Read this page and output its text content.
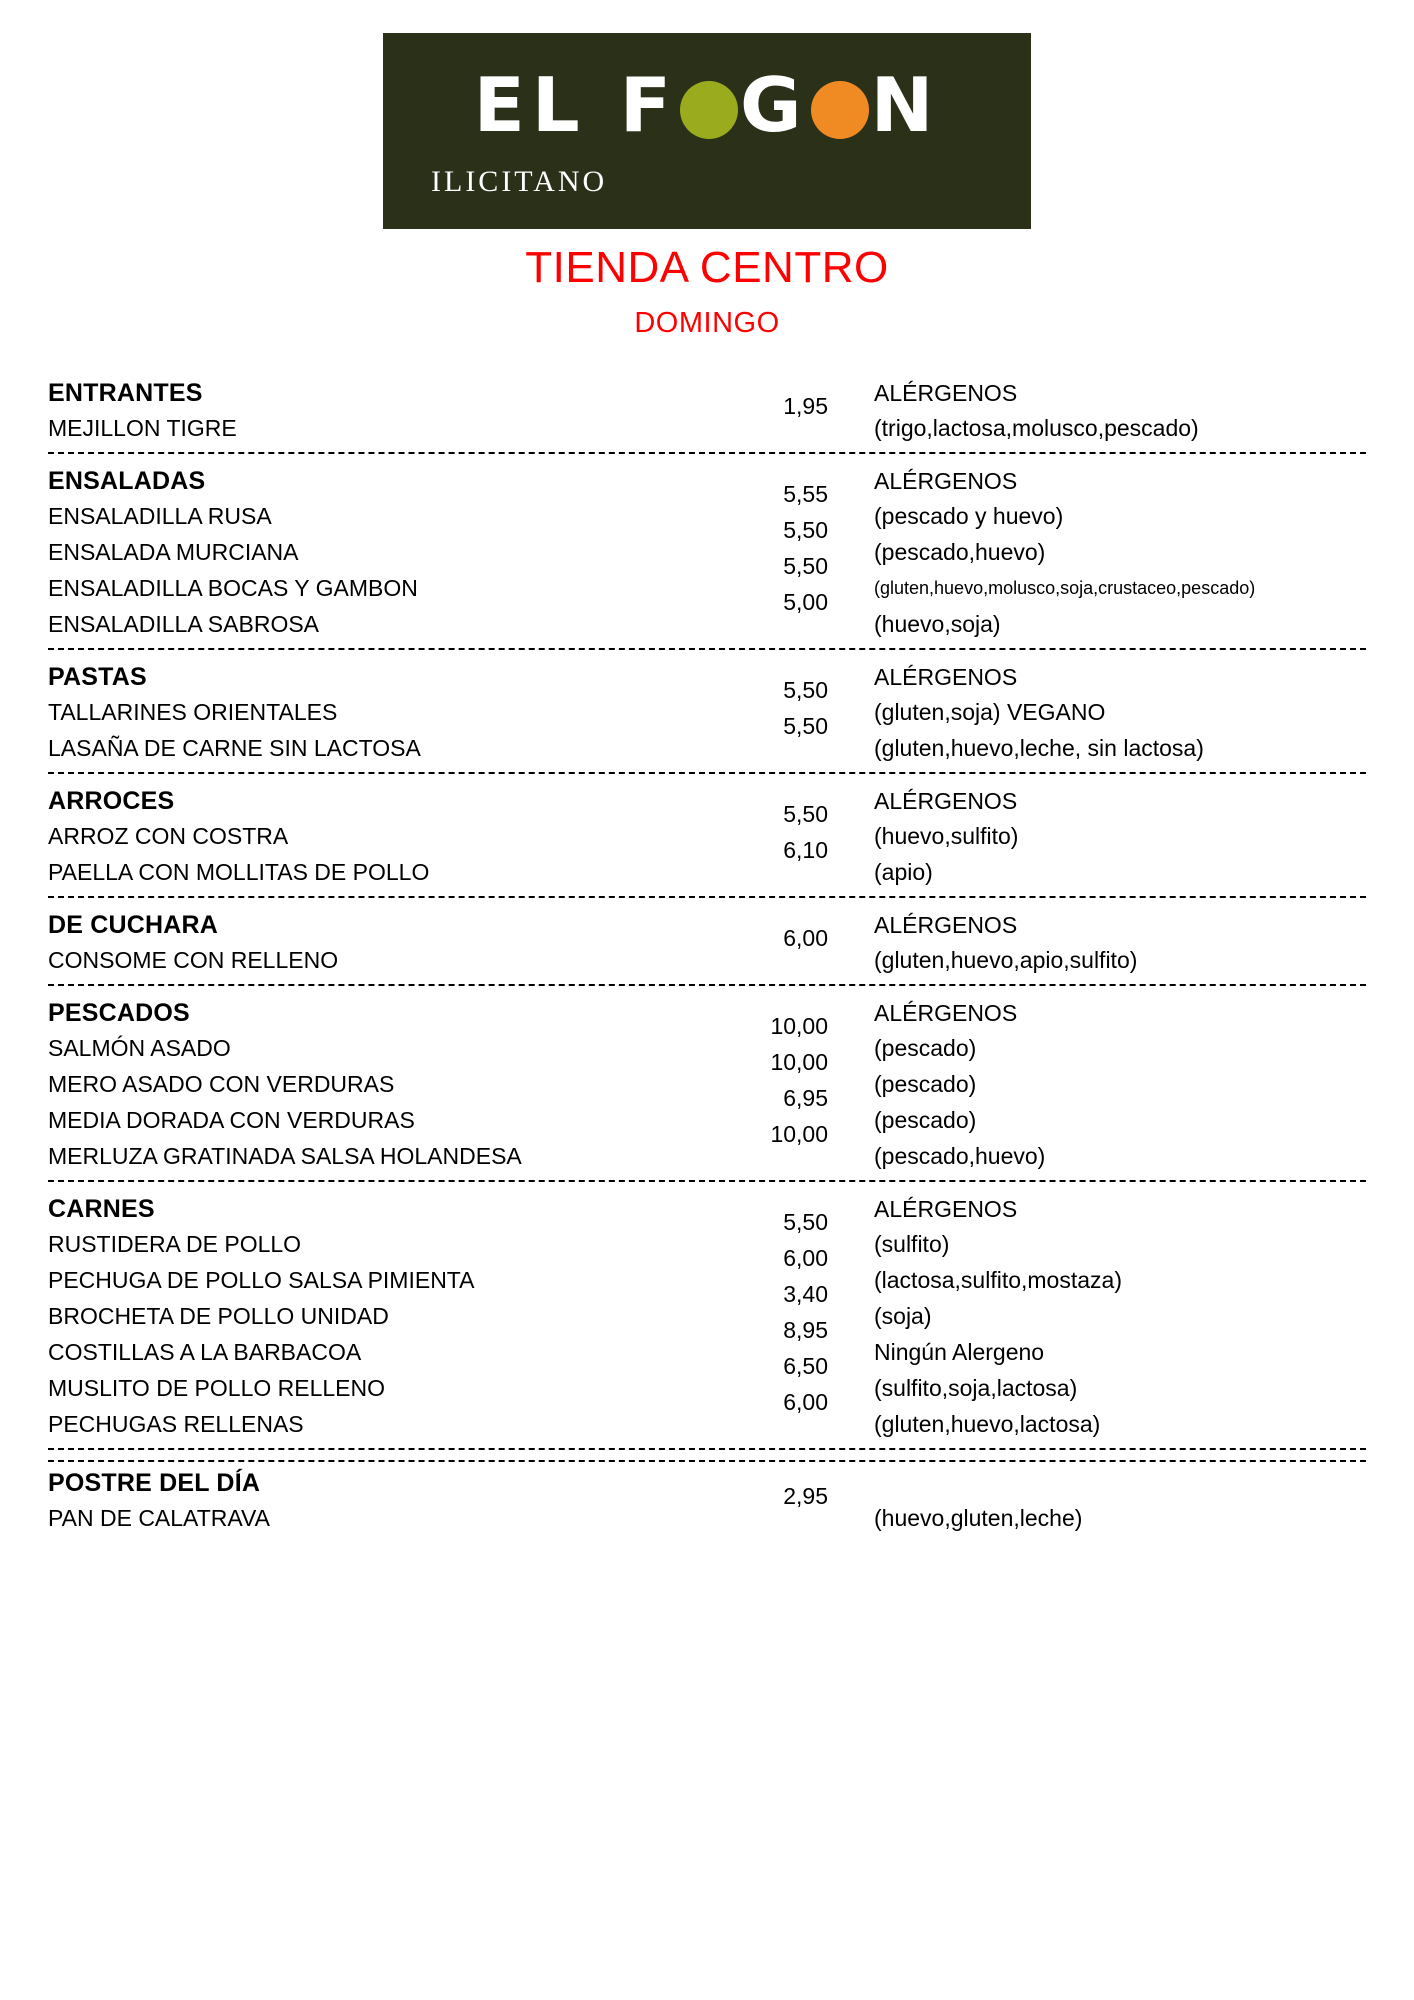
EL F G N
ILICITANO
TIENDA CENTRO
DOMINGO
ENTRANTES
MEJILLON TIGRE
1,95 ALÉRGENOS
(trigo,lactosa,molusco,pescado)
ENSALADAS
ENSALADILLA RUSA
ENSALADA MURCIANA
ENSALADILLA BOCAS Y GAMBON
ENSALADILLA SABROSA
5,55
5,50
5,50
5,00
ALÉRGENOS
(pescado y huevo)
(pescado,huevo)
(gluten,huevo,molusco,soja,crustaceo,pescado)
(huevo,soja)
PASTAS
TALLARINES ORIENTALES
LASAÑA DE CARNE SIN LACTOSA
5,50
5,50
ALÉRGENOS
(gluten,soja) VEGANO
(gluten,huevo,leche, sin lactosa)
ARROCES
ARROZ CON COSTRA
PAELLA CON MOLLITAS DE POLLO
5,50
6,10
ALÉRGENOS
(huevo,sulfito)
(apio)
DE CUCHARA
CONSOME CON RELLENO
6,00 ALÉRGENOS
(gluten,huevo,apio,sulfito)
PESCADOS
SALMÓN ASADO
MERO ASADO CON VERDURAS
MEDIA DORADA CON VERDURAS
MERLUZA GRATINADA SALSA HOLANDESA
10,00
10,00
6,95
10,00
ALÉRGENOS
(pescado)
(pescado)
(pescado)
(pescado,huevo)
CARNES
RUSTIDERA DE POLLO
PECHUGA DE POLLO SALSA PIMIENTA
BROCHETA DE POLLO UNIDAD
COSTILLAS A LA BARBACOA
MUSLITO DE POLLO RELLENO
PECHUGAS RELLENAS
5,50
6,00
3,40
8,95
6,50
6,00
ALÉRGENOS
(sulfito)
(lactosa,sulfito,mostaza)
(soja)
Ningún Alergeno
(sulfito,soja,lactosa)
(gluten,huevo,lactosa)
POSTRE DEL DÍA
PAN DE CALATRAVA
2,95

(huevo,gluten,leche)
